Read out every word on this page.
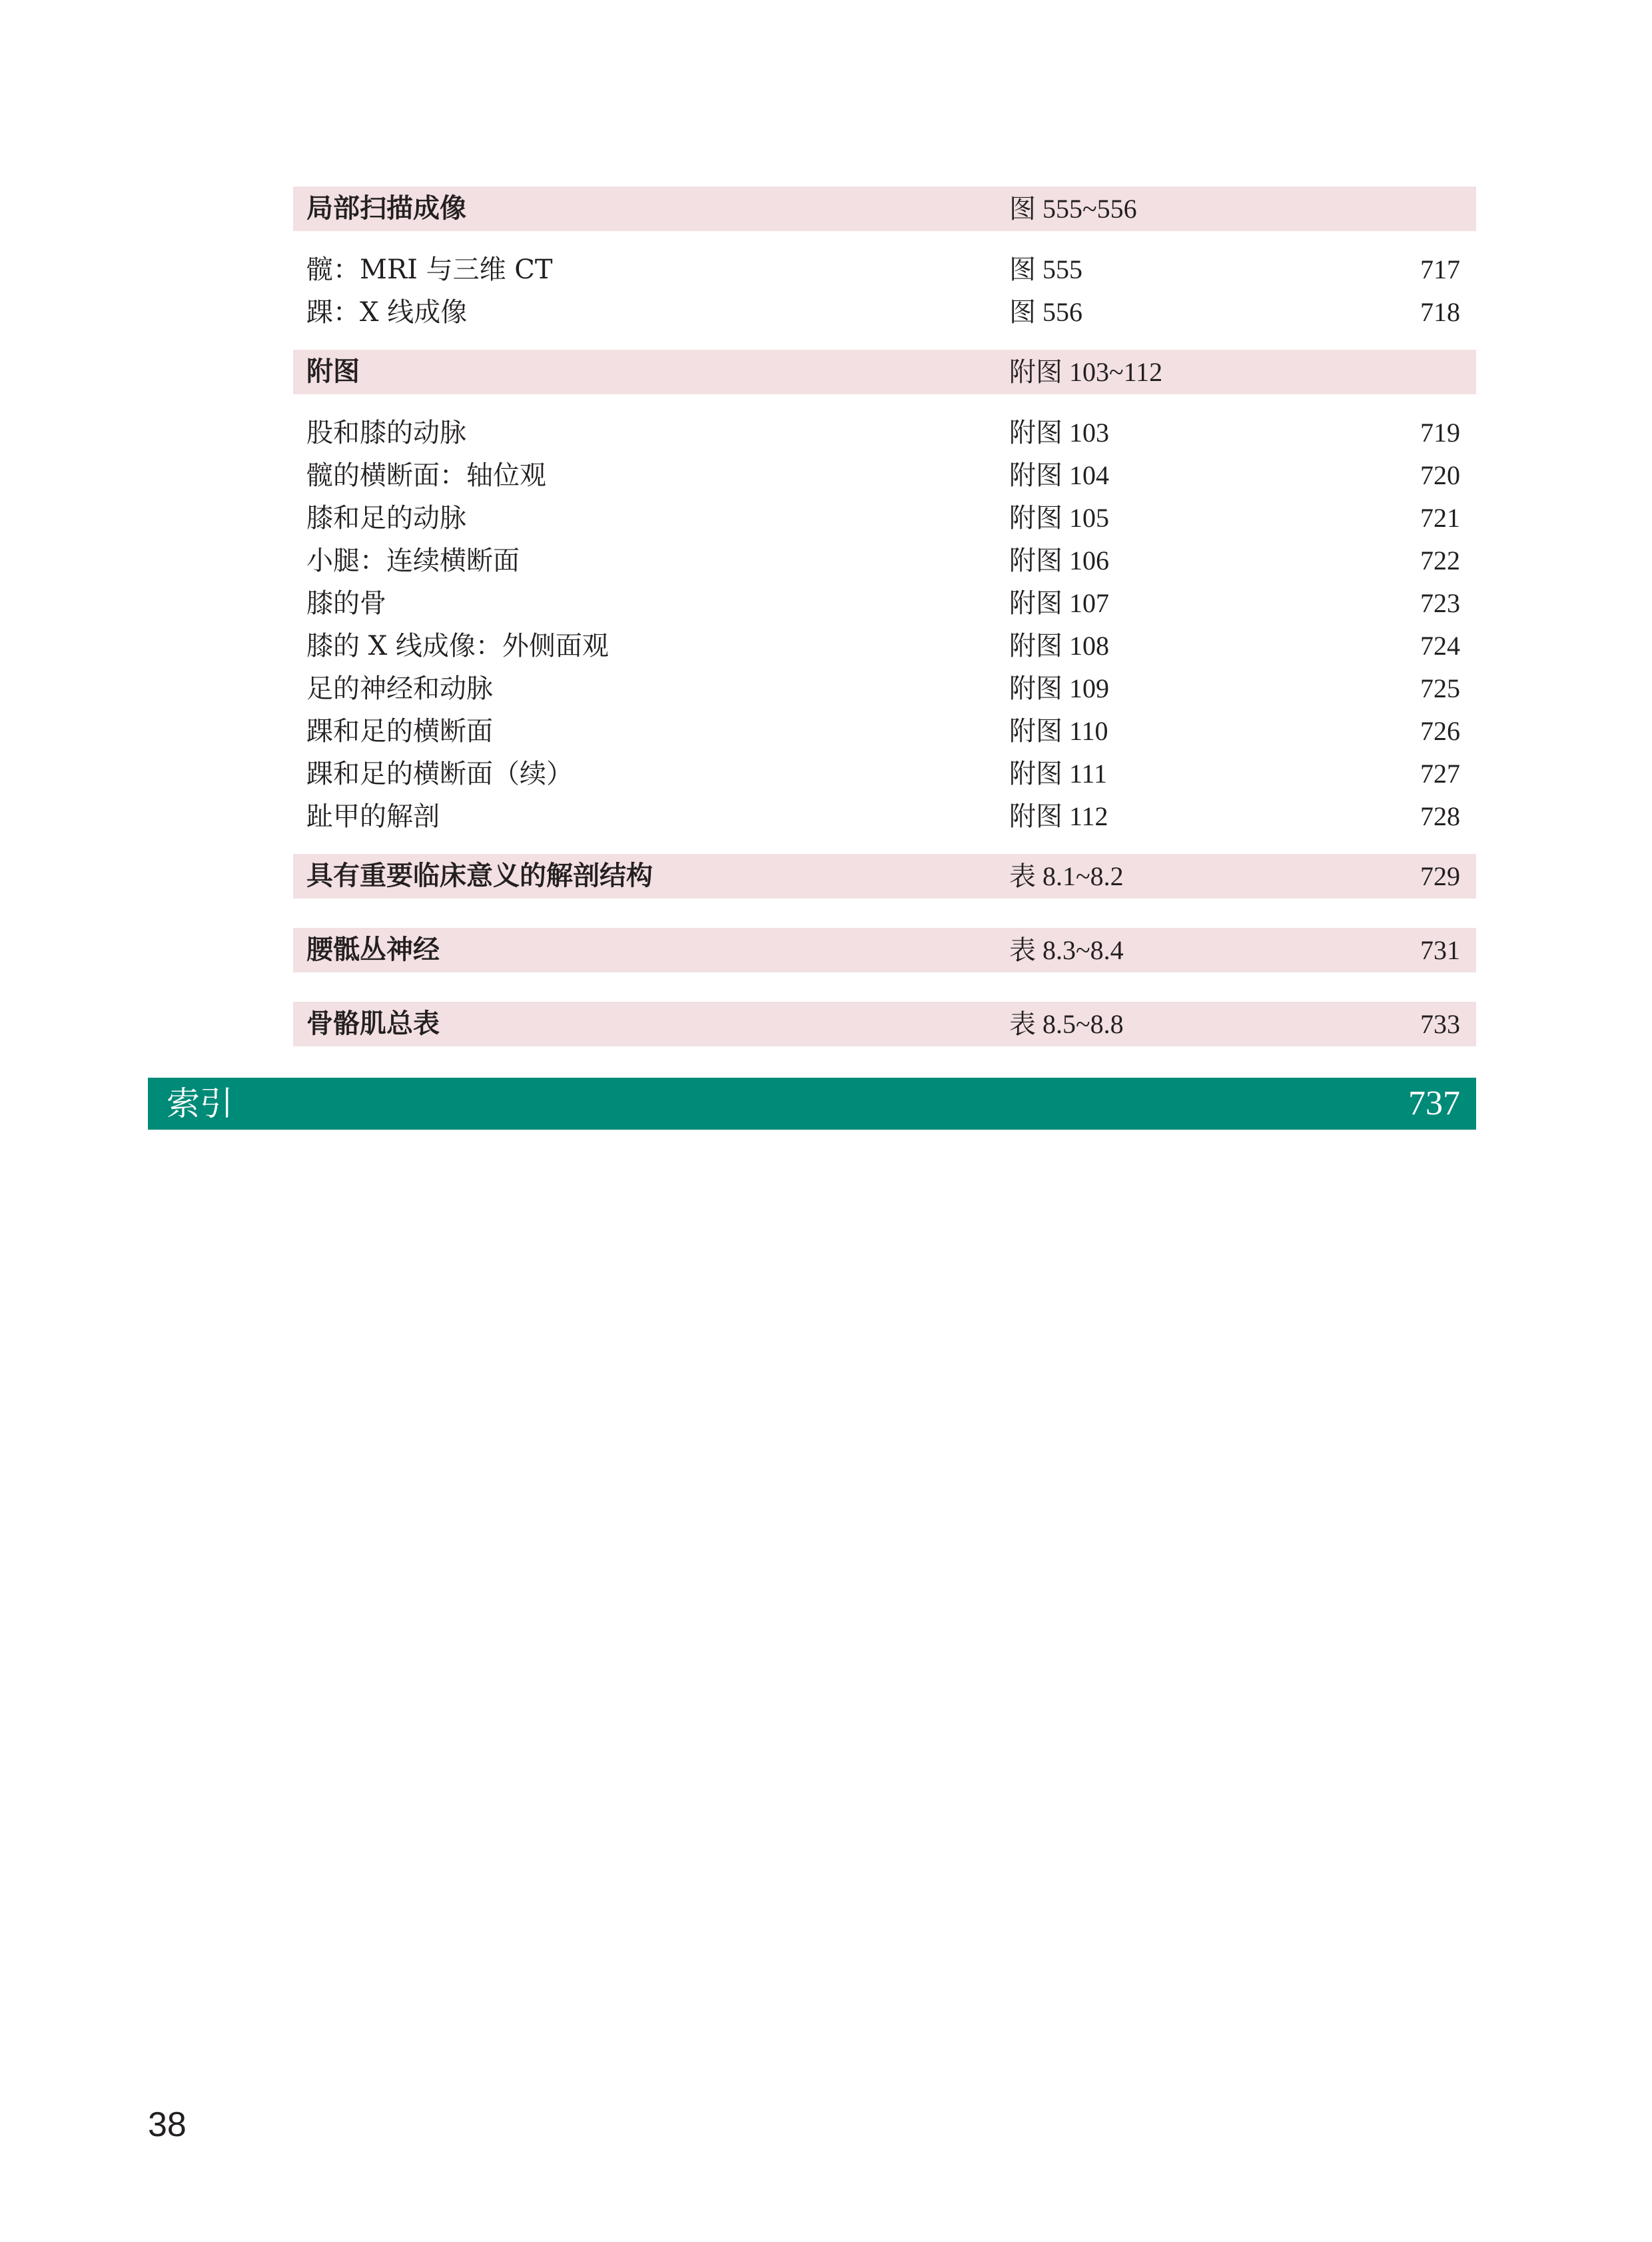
局部扫描成像	图 555~556
髋：MRI 与三维 CT	图 555	717
踝：X 线成像	图 556	718
附图	附图 103~112
股和膝的动脉	附图 103	719
髋的横断面：轴位观	附图 104	720
膝和足的动脉	附图 105	721
小腿：连续横断面	附图 106	722
膝的骨	附图 107	723
膝的 X 线成像：外侧面观	附图 108	724
足的神经和动脉	附图 109	725
踝和足的横断面	附图 110	726
踝和足的横断面（续）	附图 111	727
趾甲的解剖	附图 112	728
具有重要临床意义的解剖结构	表 8.1~8.2	729
腰骶丛神经	表 8.3~8.4	731
骨骼肌总表	表 8.5~8.8	733
索引	737
38
